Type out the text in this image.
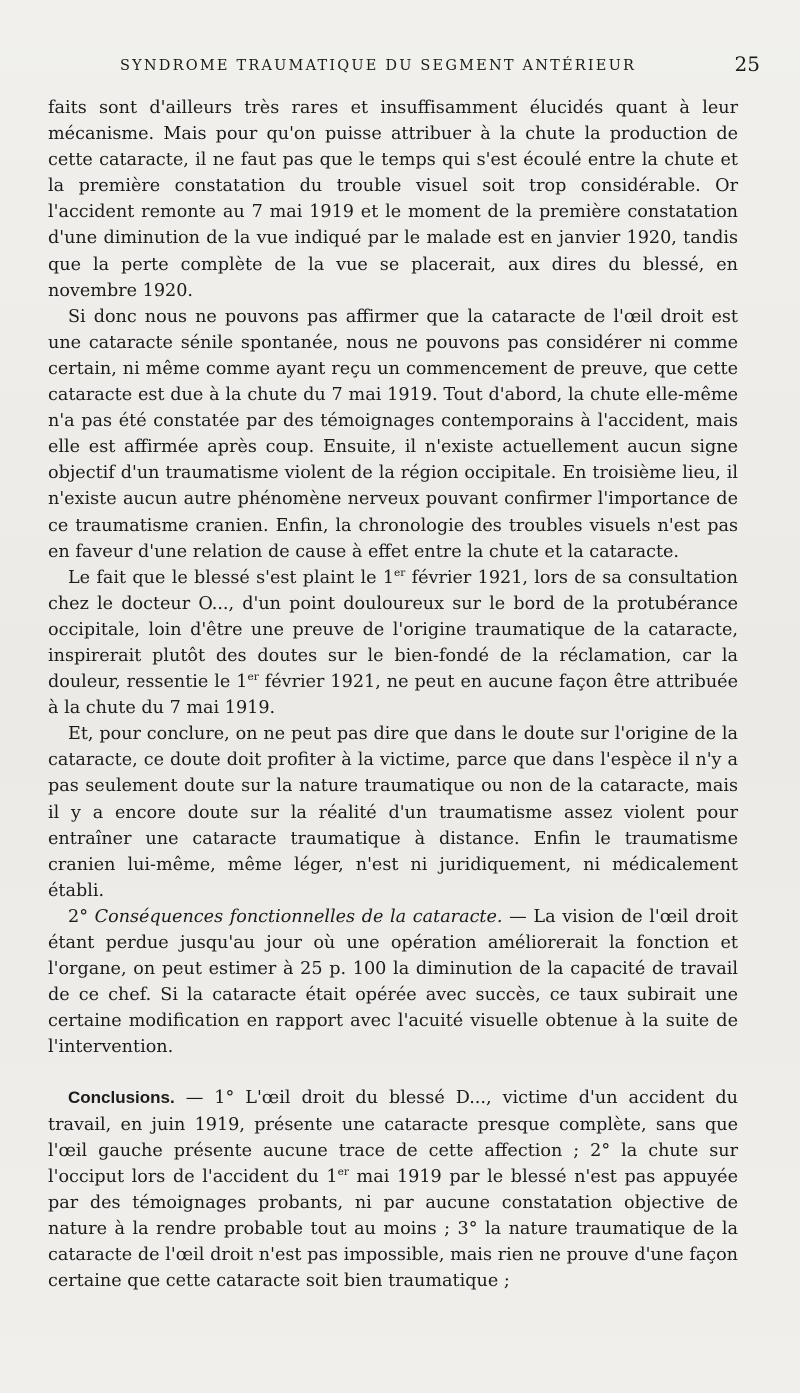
SYNDROME TRAUMATIQUE DU SEGMENT ANTÉRIEUR	25

faits sont d'ailleurs très rares et insuffisamment élucidés quant à leur mécanisme. Mais pour qu'on puisse attribuer à la chute la production de cette cataracte, il ne faut pas que le temps qui s'est écoulé entre la chute et la première constatation du trouble visuel soit trop considérable. Or l'accident remonte au 7 mai 1919 et le moment de la première constatation d'une diminution de la vue indiqué par le malade est en janvier 1920, tandis que la perte complète de la vue se placerait, aux dires du blessé, en novembre 1920.

Si donc nous ne pouvons pas affirmer que la cataracte de l'œil droit est une cataracte sénile spontanée, nous ne pouvons pas considérer ni comme certain, ni même comme ayant reçu un commencement de preuve, que cette cataracte est due à la chute du 7 mai 1919. Tout d'abord, la chute elle-même n'a pas été constatée par des témoignages contemporains à l'accident, mais elle est affirmée après coup. Ensuite, il n'existe actuellement aucun signe objectif d'un traumatisme violent de la région occipitale. En troisième lieu, il n'existe aucun autre phénomène nerveux pouvant confirmer l'importance de ce traumatisme cranien. Enfin, la chronologie des troubles visuels n'est pas en faveur d'une relation de cause à effet entre la chute et la cataracte.

Le fait que le blessé s'est plaint le 1er février 1921, lors de sa consultation chez le docteur O..., d'un point douloureux sur le bord de la protubérance occipitale, loin d'être une preuve de l'origine traumatique de la cataracte, inspirerait plutôt des doutes sur le bien-fondé de la réclamation, car la douleur, ressentie le 1er février 1921, ne peut en aucune façon être attribuée à la chute du 7 mai 1919.

Et, pour conclure, on ne peut pas dire que dans le doute sur l'origine de la cataracte, ce doute doit profiter à la victime, parce que dans l'espèce il n'y a pas seulement doute sur la nature traumatique ou non de la cataracte, mais il y a encore doute sur la réalité d'un traumatisme assez violent pour entraîner une cataracte traumatique à distance. Enfin le traumatisme cranien lui-même, même léger, n'est ni juridiquement, ni médicalement établi.

2° Conséquences fonctionnelles de la cataracte. — La vision de l'œil droit étant perdue jusqu'au jour où une opération améliorerait la fonction et l'organe, on peut estimer à 25 p. 100 la diminution de la capacité de travail de ce chef. Si la cataracte était opérée avec succès, ce taux subirait une certaine modification en rapport avec l'acuité visuelle obtenue à la suite de l'intervention.

Conclusions. — 1° L'œil droit du blessé D..., victime d'un accident du travail, en juin 1919, présente une cataracte presque complète, sans que l'œil gauche présente aucune trace de cette affection ; 2° la chute sur l'occiput lors de l'accident du 1er mai 1919 par le blessé n'est pas appuyée par des témoignages probants, ni par aucune constatation objective de nature à la rendre probable tout au moins ; 3° la nature traumatique de la cataracte de l'œil droit n'est pas impossible, mais rien ne prouve d'une façon certaine que cette cataracte soit bien traumatique ;
